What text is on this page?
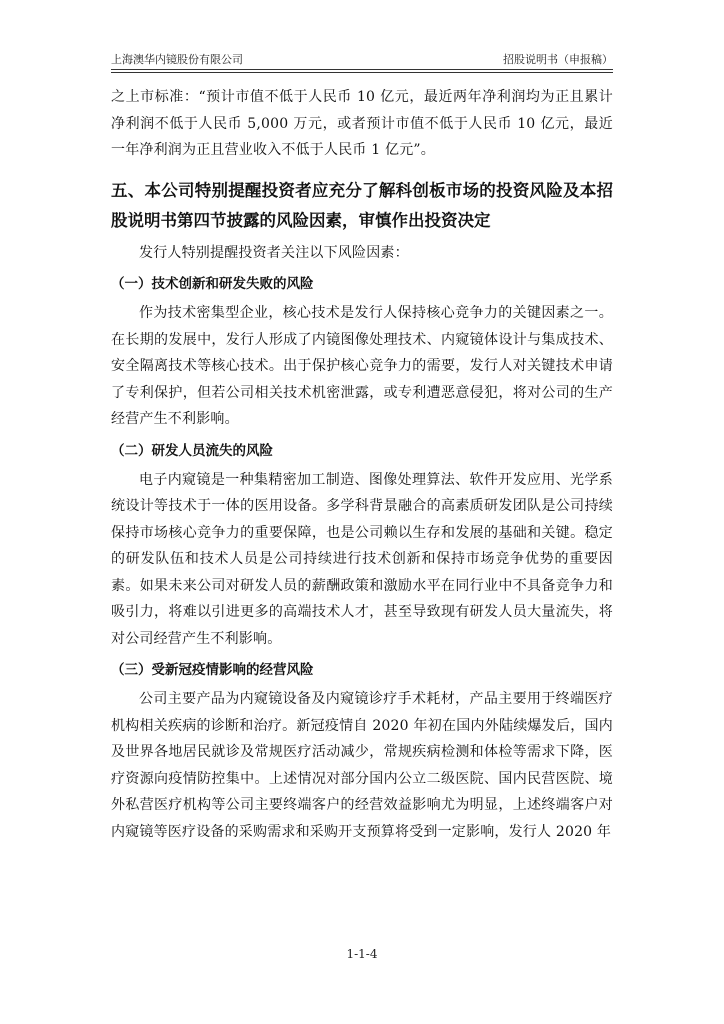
上海澳华内镜股份有限公司	招股说明书（申报稿）

之上市标准：“预计市值不低于人民币 10 亿元，最近两年净利润均为正且累计净利润不低于人民币 5,000 万元，或者预计市值不低于人民币 10 亿元，最近一年净利润为正且营业收入不低于人民币 1 亿元”。

五、本公司特别提醒投资者应充分了解科创板市场的投资风险及本招股说明书第四节披露的风险因素，审慎作出投资决定

发行人特别提醒投资者关注以下风险因素：

（一）技术创新和研发失败的风险

作为技术密集型企业，核心技术是发行人保持核心竞争力的关键因素之一。在长期的发展中，发行人形成了内镜图像处理技术、内窥镜体设计与集成技术、安全隔离技术等核心技术。出于保护核心竞争力的需要，发行人对关键技术申请了专利保护，但若公司相关技术机密泄露，或专利遭恶意侵犯，将对公司的生产经营产生不利影响。

（二）研发人员流失的风险

电子内窥镜是一种集精密加工制造、图像处理算法、软件开发应用、光学系统设计等技术于一体的医用设备。多学科背景融合的高素质研发团队是公司持续保持市场核心竞争力的重要保障，也是公司赖以生存和发展的基础和关键。稳定的研发队伍和技术人员是公司持续进行技术创新和保持市场竞争优势的重要因素。如果未来公司对研发人员的薪酬政策和激励水平在同行业中不具备竞争力和吸引力，将难以引进更多的高端技术人才，甚至导致现有研发人员大量流失，将对公司经营产生不利影响。

（三）受新冠疫情影响的经营风险

公司主要产品为内窥镜设备及内窥镜诊疗手术耗材，产品主要用于终端医疗机构相关疾病的诊断和治疗。新冠疫情自 2020 年初在国内外陆续爆发后，国内及世界各地居民就诊及常规医疗活动减少，常规疾病检测和体检等需求下降，医疗资源向疫情防控集中。上述情况对部分国内公立二级医院、国内民营医院、境外私营医疗机构等公司主要终端客户的经营效益影响尤为明显，上述终端客户对内窥镜等医疗设备的采购需求和采购开支预算将受到一定影响，发行人 2020 年

1-1-4
